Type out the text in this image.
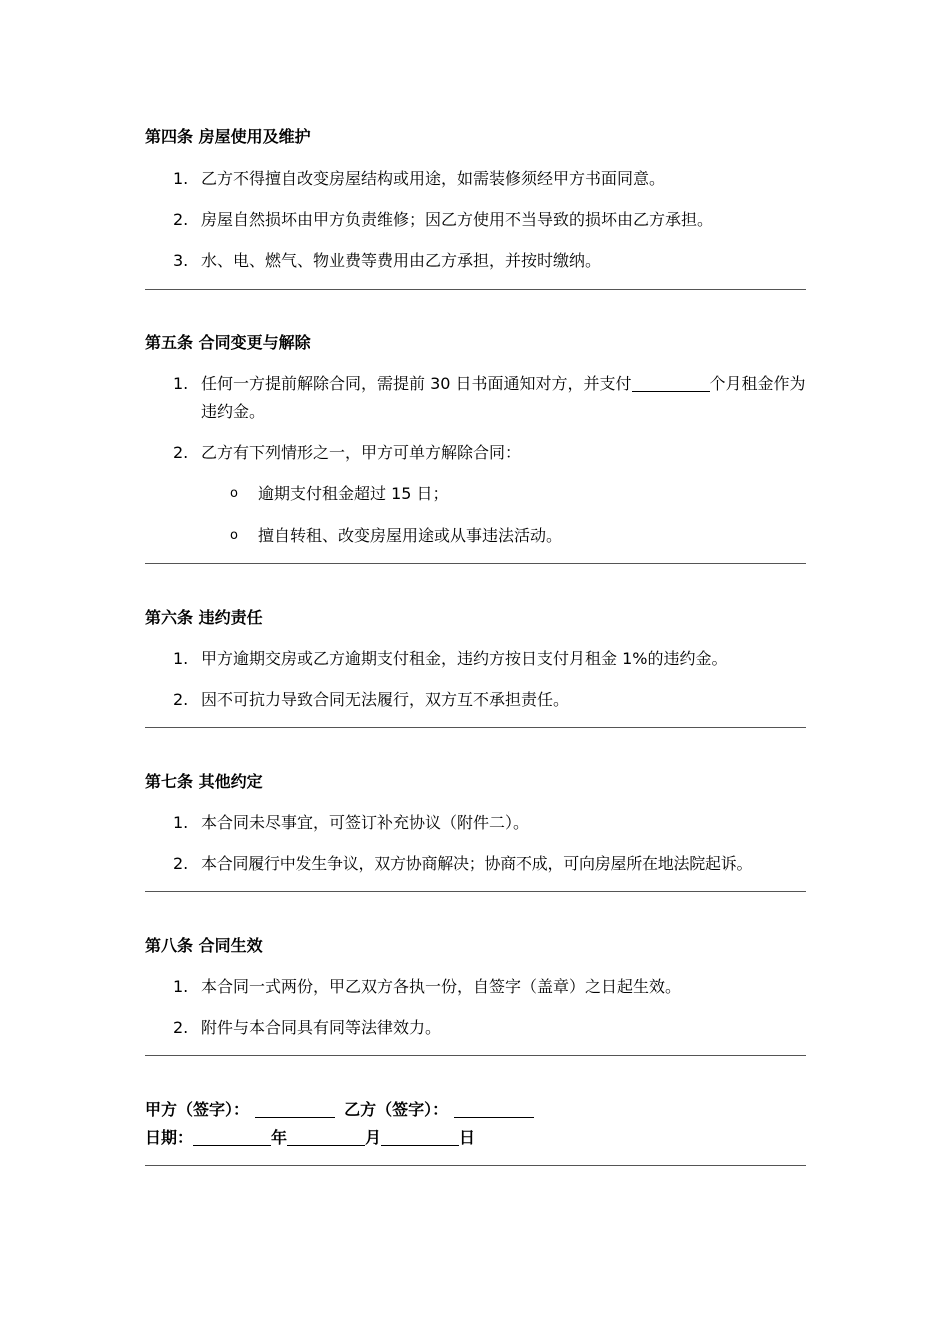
第四条 房屋使用及维护
1. 乙方不得擅自改变房屋结构或用途，如需装修须经甲方书面同意。
2. 房屋自然损坏由甲方负责维修；因乙方使用不当导致的损坏由乙方承担。
3. 水、电、燃气、物业费等费用由乙方承担，并按时缴纳。
第五条 合同变更与解除
1. 任何一方提前解除合同，需提前 30 日书面通知对方，并支付	个月租金作为违约金。
2. 乙方有下列情形之一，甲方可单方解除合同：
o 逾期支付租金超过 15 日；
o 擅自转租、改变房屋用途或从事违法活动。
第六条 违约责任
1. 甲方逾期交房或乙方逾期支付租金，违约方按日支付月租金 1%的违约金。
2. 因不可抗力导致合同无法履行，双方互不承担责任。
第七条 其他约定
1. 本合同未尽事宜，可签订补充协议（附件二）。
2. 本合同履行中发生争议，双方协商解决；协商不成，可向房屋所在地法院起诉。
第八条 合同生效
1. 本合同一式两份，甲乙双方各执一份，自签字（盖章）之日起生效。
2. 附件与本合同具有同等法律效力。
甲方（签字）：	乙方（签字）：
日期：	年	月	日
